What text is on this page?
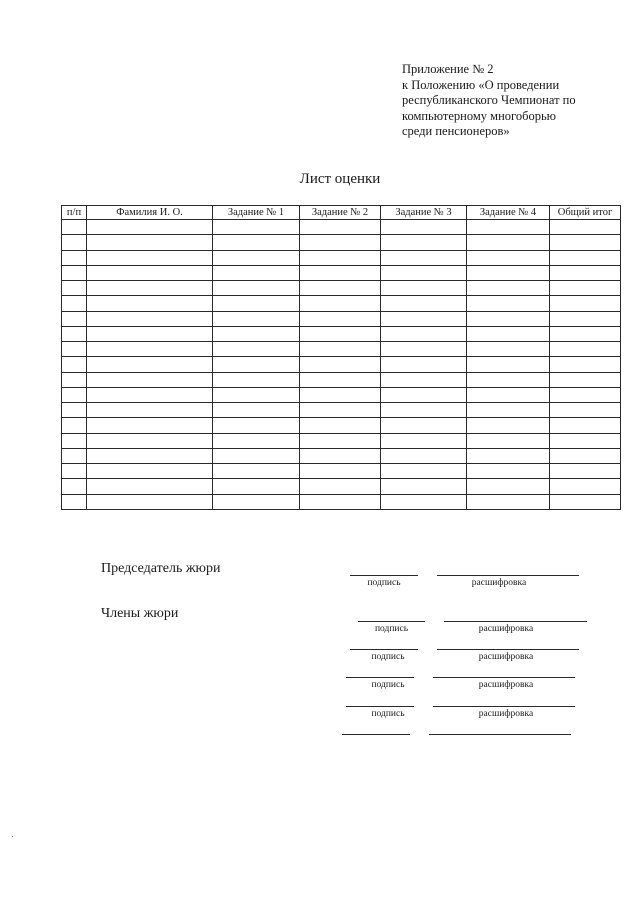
Приложение № 2
к Положению «О проведении
республиканского Чемпионат по
компьютерному многоборью
среди пенсионеров»
Лист оценки
п/п	Фамилия И. О.	Задание № 1	Задание № 2	Задание № 3	Задание № 4	Общий итог

Председатель жюри
подпись	расшифровка
Члены жюри
подпись	расшифровка
подпись	расшифровка
подпись	расшифровка
подпись	расшифровка
